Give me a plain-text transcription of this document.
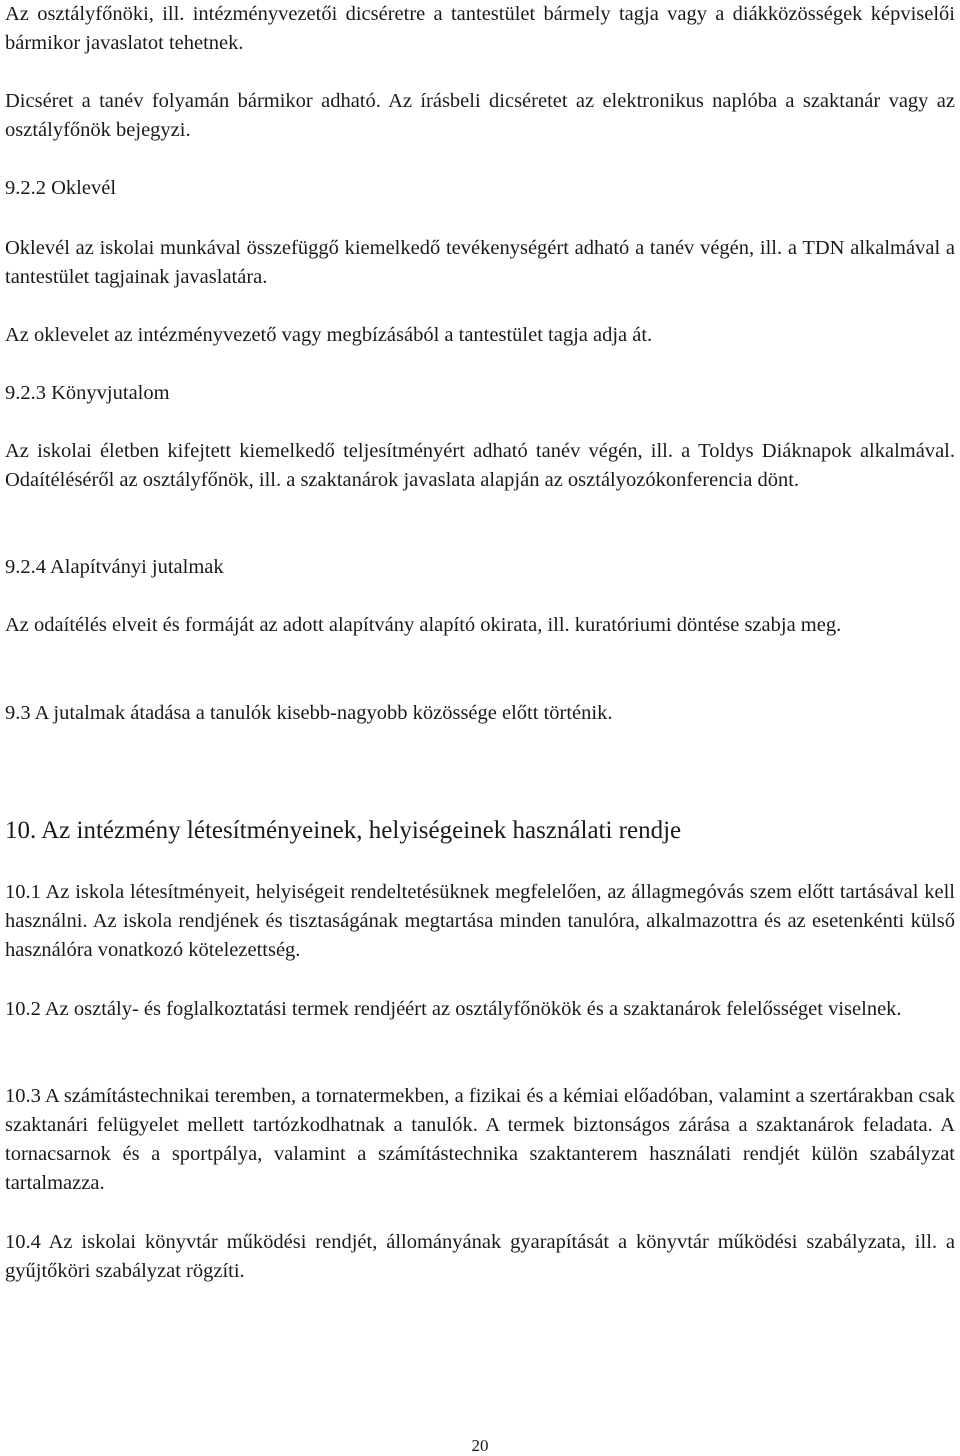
Az osztályfőnöki, ill. intézményvezetői dicséretre a tantestület bármely tagja vagy a diákközösségek képviselői bármikor javaslatot tehetnek.

Dicséret a tanév folyamán bármikor adható. Az írásbeli dicséretet az elektronikus naplóba a szaktanár vagy az osztályfőnök bejegyzi.

9.2.2 Oklevél

Oklevél az iskolai munkával összefüggő kiemelkedő tevékenységért adható a tanév végén, ill. a TDN alkalmával a tantestület tagjainak javaslatára.

Az oklevelet az intézményvezető vagy megbízásából a tantestület tagja adja át.

9.2.3 Könyvjutalom

Az iskolai életben kifejtett kiemelkedő teljesítményért adható tanév végén, ill. a Toldys Diáknapok alkalmával. Odaítéléséről az osztályfőnök, ill. a szaktanárok javaslata alapján az osztályozókonferencia dönt.

9.2.4 Alapítványi jutalmak

Az odaítélés elveit és formáját az adott alapítvány alapító okirata, ill. kuratóriumi döntése szabja meg.

9.3 A jutalmak átadása a tanulók kisebb-nagyobb közössége előtt történik.

10. Az intézmény létesítményeinek, helyiségeinek használati rendje

10.1 Az iskola létesítményeit, helyiségeit rendeltetésüknek megfelelően, az állagmegóvás szem előtt tartásával kell használni. Az iskola rendjének és tisztaságának megtartása minden tanulóra, alkalmazottra és az esetenkénti külső használóra vonatkozó kötelezettség.

10.2 Az osztály- és foglalkoztatási termek rendjéért az osztályfőnökök és a szaktanárok felelősséget viselnek.

10.3 A számítástechnikai teremben, a tornatermekben, a fizikai és a kémiai előadóban, valamint a szertárakban csak szaktanári felügyelet mellett tartózkodhatnak a tanulók. A termek biztonságos zárása a szaktanárok feladata. A tornacsarnok és a sportpálya, valamint a számítástechnika szaktanterem használati rendjét külön szabályzat tartalmazza.

10.4 Az iskolai könyvtár működési rendjét, állományának gyarapítását a könyvtár működési szabályzata, ill. a gyűjtőköri szabályzat rögzíti.

20
